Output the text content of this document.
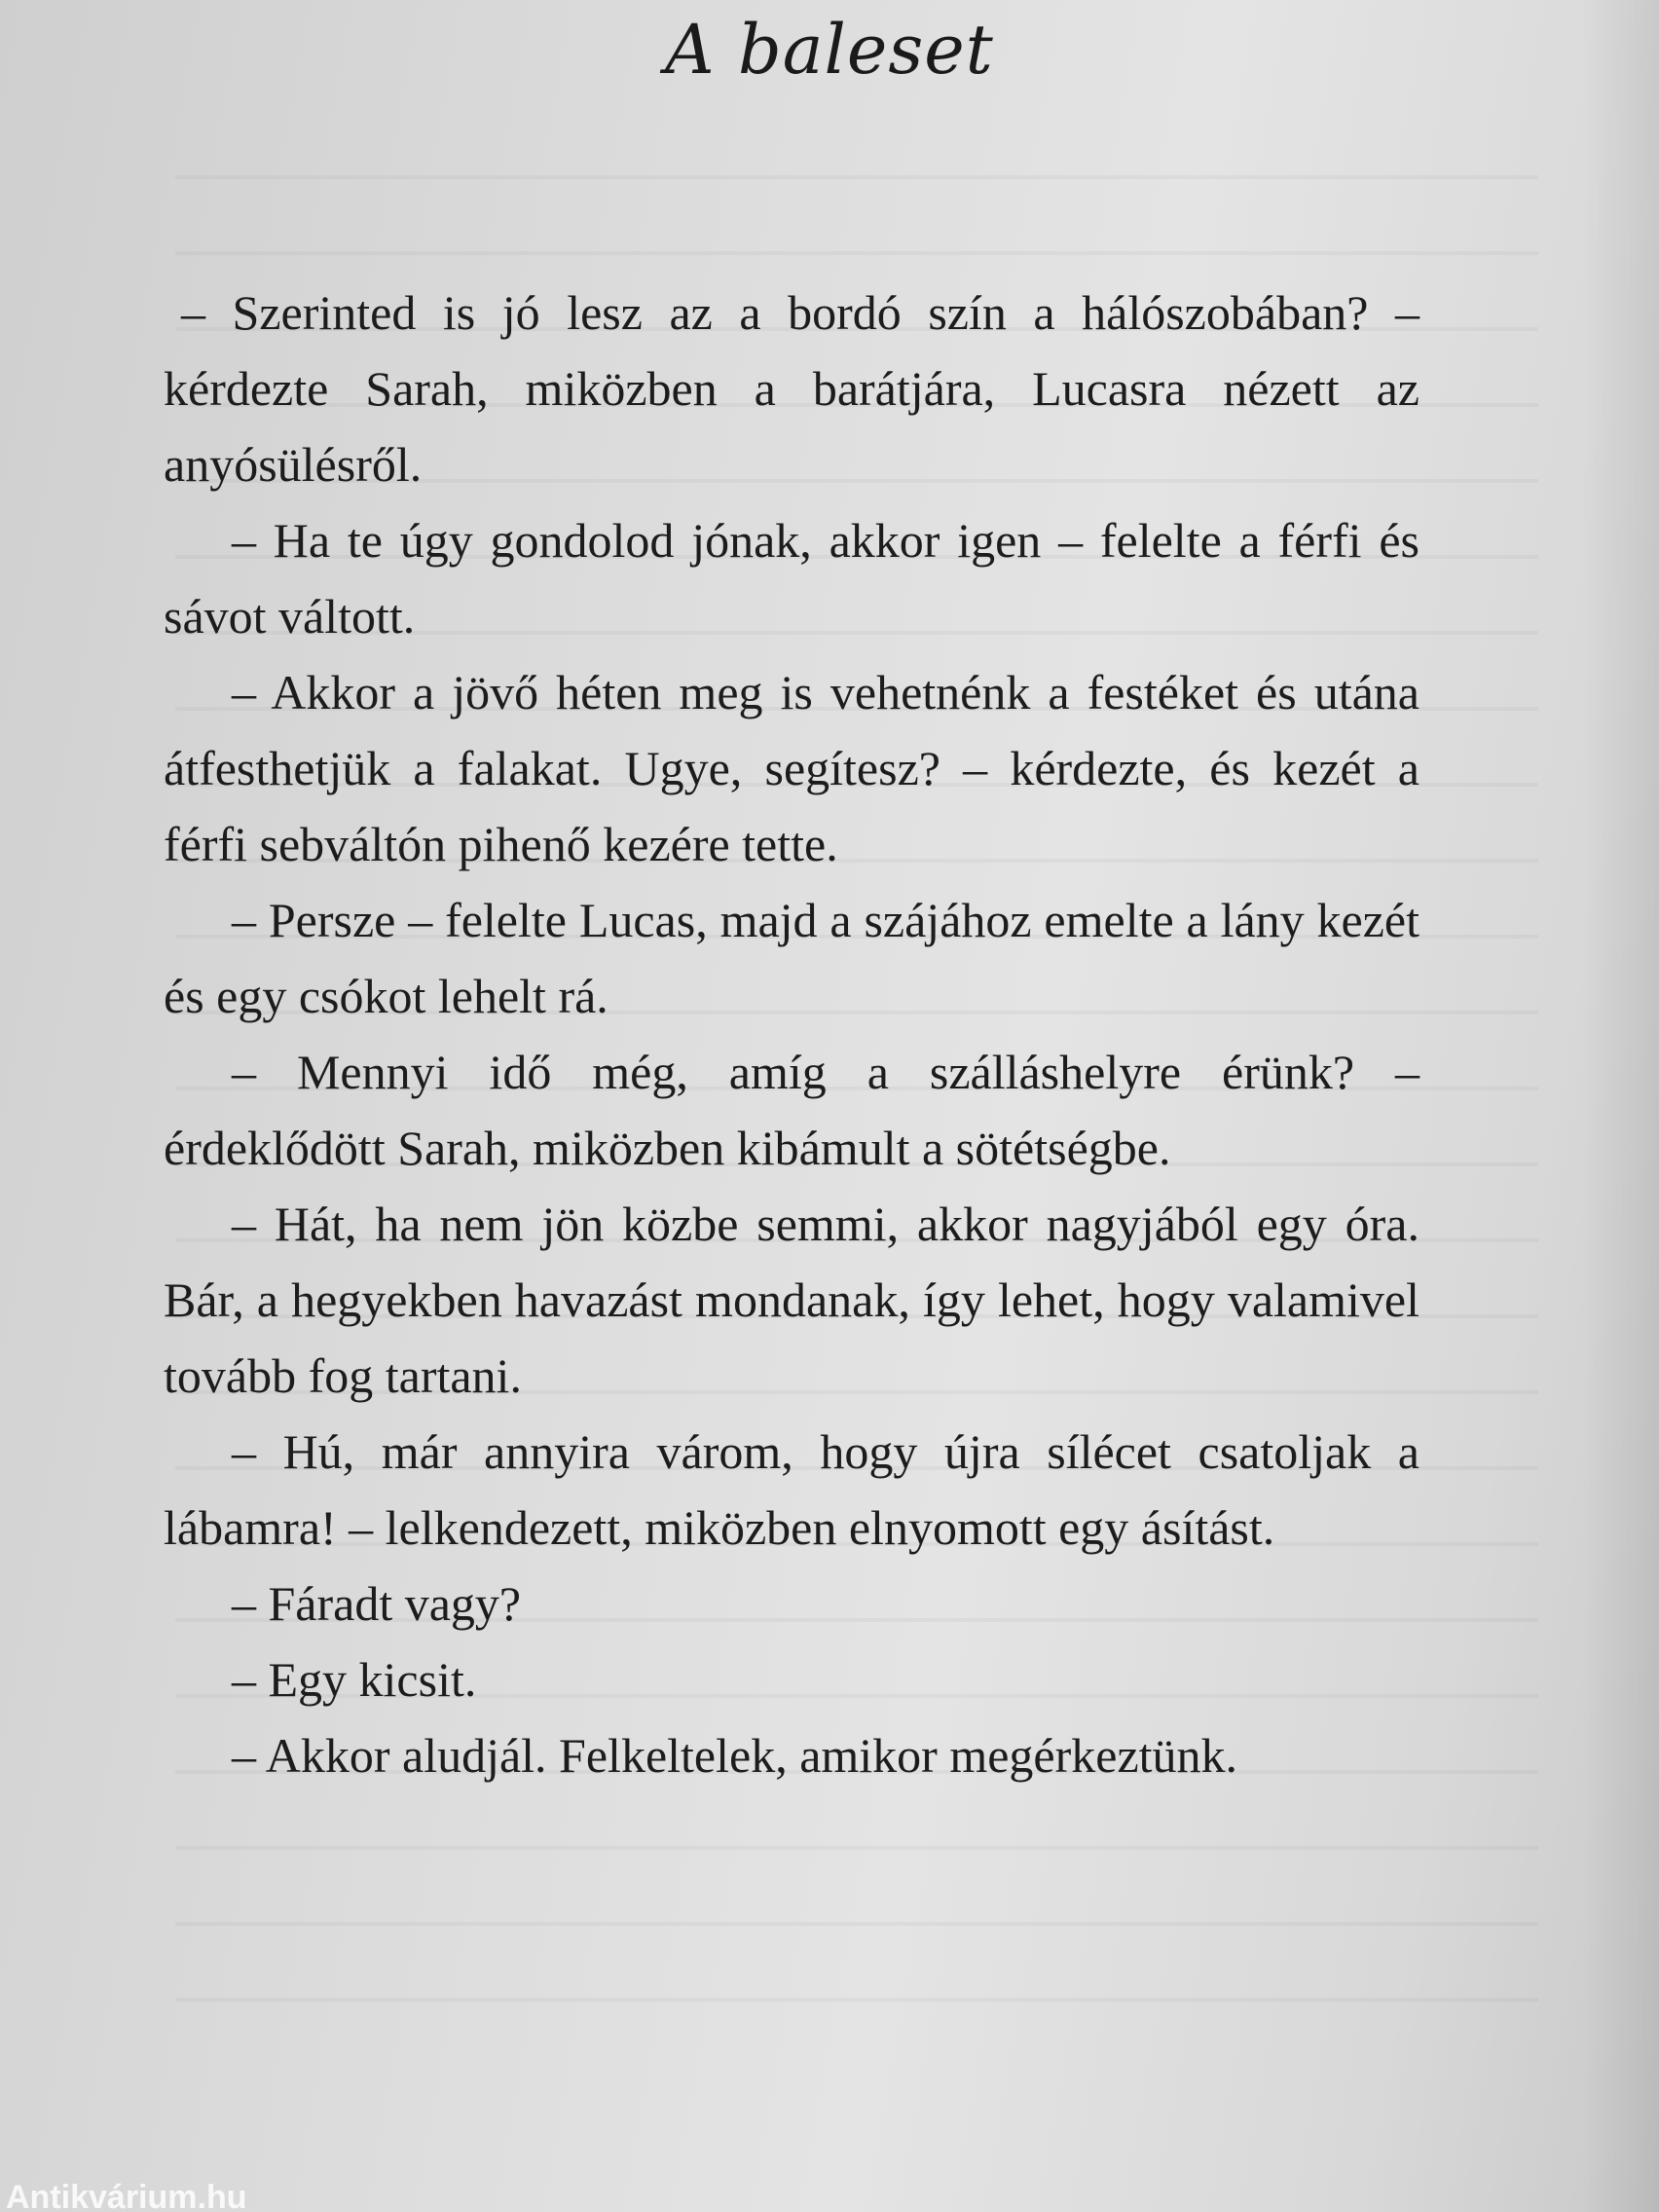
A baleset

– Szerinted is jó lesz az a bordó szín a hálószobában? – kérdezte Sarah, miközben a barátjára, Lucasra nézett az anyósülésről.

– Ha te úgy gondolod jónak, akkor igen – felelte a férfi és sávot váltott.

– Akkor a jövő héten meg is vehetnénk a festéket és utána átfesthetjük a falakat. Ugye, segítesz? – kérdezte, és kezét a férfi sebváltón pihenő kezére tette.

– Persze – felelte Lucas, majd a szájához emelte a lány kezét és egy csókot lehelt rá.

– Mennyi idő még, amíg a szálláshelyre érünk? – érdeklődött Sarah, miközben kibámult a sötétségbe.

– Hát, ha nem jön közbe semmi, akkor nagyjából egy óra. Bár, a hegyekben havazást mondanak, így lehet, hogy valamivel tovább fog tartani.

– Hú, már annyira várom, hogy újra sílécet csatoljak a lábamra! – lelkendezett, miközben elnyomott egy ásítást.

– Fáradt vagy?

– Egy kicsit.

– Akkor aludjál. Felkeltelek, amikor megérkeztünk.

Antikvárium.hu
